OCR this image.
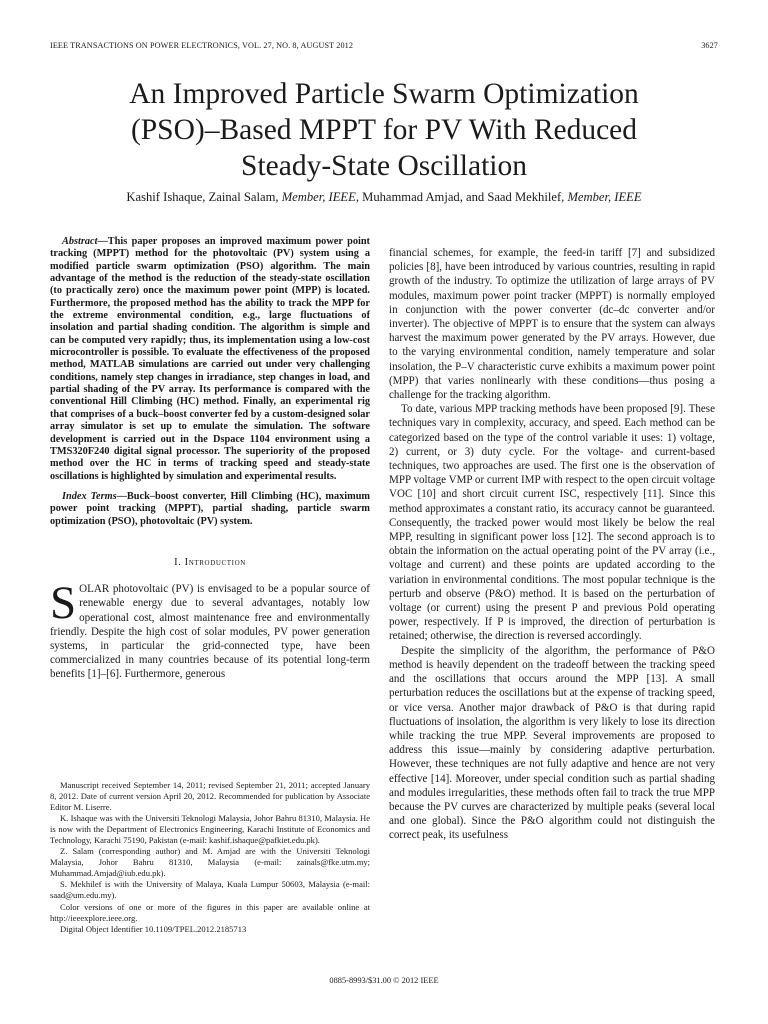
IEEE TRANSACTIONS ON POWER ELECTRONICS, VOL. 27, NO. 8, AUGUST 2012	3627
An Improved Particle Swarm Optimization
(PSO)–Based MPPT for PV With Reduced
Steady-State Oscillation
Kashif Ishaque, Zainal Salam, Member, IEEE, Muhammad Amjad, and Saad Mekhilef, Member, IEEE

Abstract—This paper proposes an improved maximum power point tracking (MPPT) method for the photovoltaic (PV) system using a modified particle swarm optimization (PSO) algorithm. The main advantage of the method is the reduction of the steady-state oscillation (to practically zero) once the maximum power point (MPP) is located. Furthermore, the proposed method has the ability to track the MPP for the extreme environmental condition, e.g., large fluctuations of insolation and partial shading condition. The algorithm is simple and can be computed very rapidly; thus, its implementation using a low-cost microcontroller is possible. To evaluate the effectiveness of the proposed method, MATLAB simulations are carried out under very challenging conditions, namely step changes in irradiance, step changes in load, and partial shading of the PV array. Its performance is compared with the conventional Hill Climbing (HC) method. Finally, an experimental rig that comprises of a buck–boost converter fed by a custom-designed solar array simulator is set up to emulate the simulation. The software development is carried out in the Dspace 1104 environment using a TMS320F240 digital signal processor. The superiority of the proposed method over the HC in terms of tracking speed and steady-state oscillations is highlighted by simulation and experimental results.

Index Terms—Buck–boost converter, Hill Climbing (HC), maximum power point tracking (MPPT), partial shading, particle swarm optimization (PSO), photovoltaic (PV) system.

I. Introduction

SOLAR photovoltaic (PV) is envisaged to be a popular source of renewable energy due to several advantages, notably low operational cost, almost maintenance free and environmentally friendly. Despite the high cost of solar modules, PV power generation systems, in particular the grid-connected type, have been commercialized in many countries because of its potential long-term benefits [1]–[6]. Furthermore, generous

Manuscript received September 14, 2011; revised September 21, 2011; accepted January 8, 2012. Date of current version April 20, 2012. Recommended for publication by Associate Editor M. Liserre.

K. Ishaque was with the Universiti Teknologi Malaysia, Johor Bahru 81310, Malaysia. He is now with the Department of Electronics Engineering, Karachi Institute of Economics and Technology, Karachi 75190, Pakistan (e-mail: kashif.ishaque@pafkiet.edu.pk).

Z. Salam (corresponding author) and M. Amjad are with the Universiti Teknologi Malaysia, Johor Bahru 81310, Malaysia (e-mail: zainals@fke.utm.my; Muhammad.Amjad@iub.edu.pk).

S. Mekhilef is with the University of Malaya, Kuala Lumpur 50603, Malaysia (e-mail: saad@um.edu.my).

Color versions of one or more of the figures in this paper are available online at http://ieeexplore.ieee.org.

Digital Object Identifier 10.1109/TPEL.2012.2185713

financial schemes, for example, the feed-in tariff [7] and subsidized policies [8], have been introduced by various countries, resulting in rapid growth of the industry. To optimize the utilization of large arrays of PV modules, maximum power point tracker (MPPT) is normally employed in conjunction with the power converter (dc–dc converter and/or inverter). The objective of MPPT is to ensure that the system can always harvest the maximum power generated by the PV arrays. However, due to the varying environmental condition, namely temperature and solar insolation, the P–V characteristic curve exhibits a maximum power point (MPP) that varies nonlinearly with these conditions—thus posing a challenge for the tracking algorithm.

To date, various MPP tracking methods have been proposed [9]. These techniques vary in complexity, accuracy, and speed. Each method can be categorized based on the type of the control variable it uses: 1) voltage, 2) current, or 3) duty cycle. For the voltage- and current-based techniques, two approaches are used. The first one is the observation of MPP voltage VMP or current IMP with respect to the open circuit voltage VOC [10] and short circuit current ISC, respectively [11]. Since this method approximates a constant ratio, its accuracy cannot be guaranteed. Consequently, the tracked power would most likely be below the real MPP, resulting in significant power loss [12]. The second approach is to obtain the information on the actual operating point of the PV array (i.e., voltage and current) and these points are updated according to the variation in environmental conditions. The most popular technique is the perturb and observe (P&O) method. It is based on the perturbation of voltage (or current) using the present P and previous Pold operating power, respectively. If P is improved, the direction of perturbation is retained; otherwise, the direction is reversed accordingly.

Despite the simplicity of the algorithm, the performance of P&O method is heavily dependent on the tradeoff between the tracking speed and the oscillations that occurs around the MPP [13]. A small perturbation reduces the oscillations but at the expense of tracking speed, or vice versa. Another major drawback of P&O is that during rapid fluctuations of insolation, the algorithm is very likely to lose its direction while tracking the true MPP. Several improvements are proposed to address this issue—mainly by considering adaptive perturbation. However, these techniques are not fully adaptive and hence are not very effective [14]. Moreover, under special condition such as partial shading and modules irregularities, these methods often fail to track the true MPP because the PV curves are characterized by multiple peaks (several local and one global). Since the P&O algorithm could not distinguish the correct peak, its usefulness

0885-8993/$31.00 © 2012 IEEE
